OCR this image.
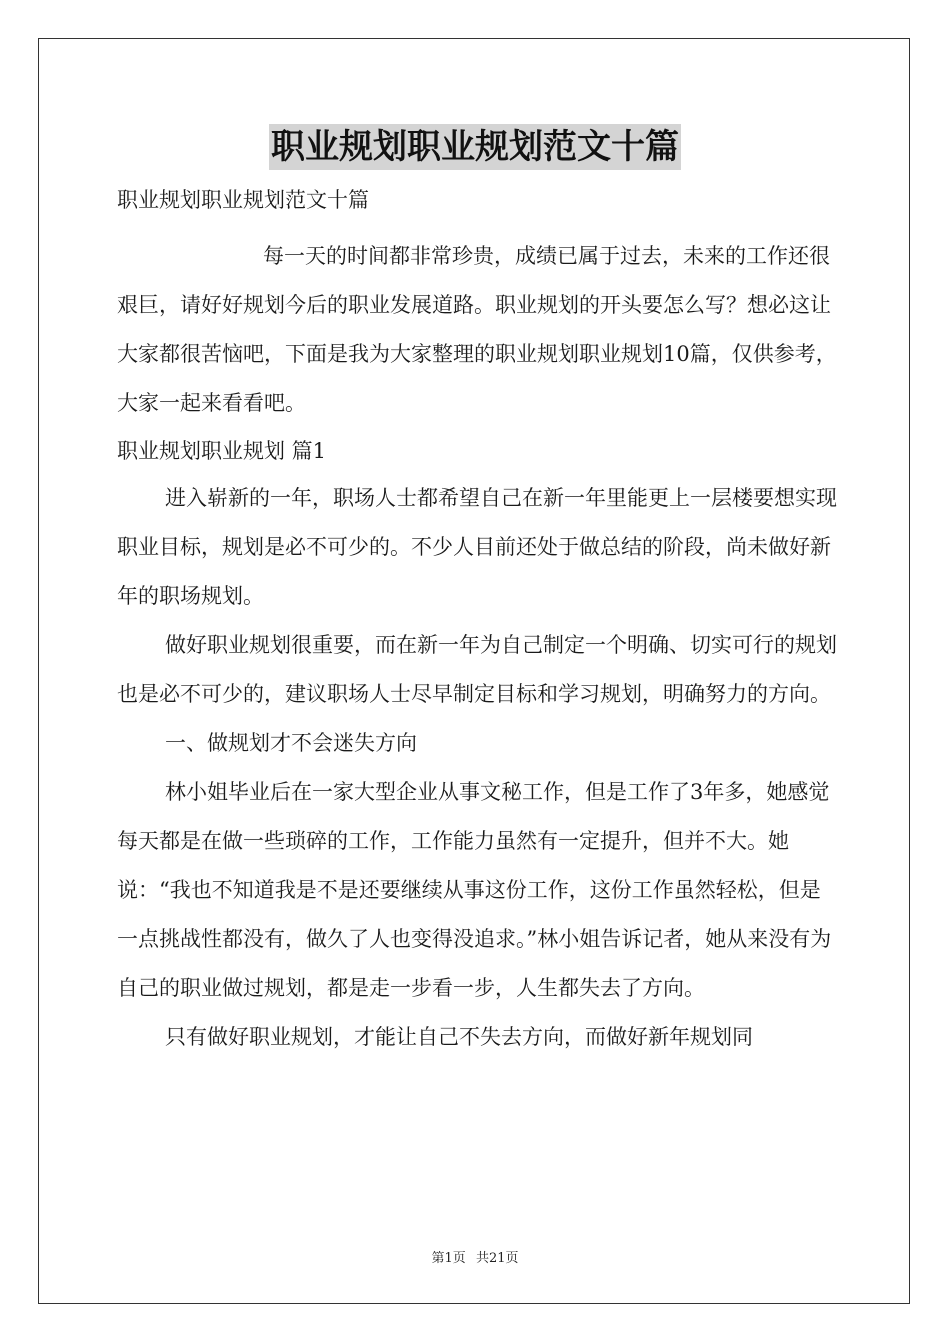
职业规划职业规划范文十篇

职业规划职业规划范文十篇

每一天的时间都非常珍贵，成绩已属于过去，未来的工作还很艰巨，请好好规划今后的职业发展道路。职业规划的开头要怎么写？想必这让大家都很苦恼吧，下面是我为大家整理的职业规划职业规划10篇，仅供参考，大家一起来看看吧。

职业规划职业规划 篇1

进入崭新的一年，职场人士都希望自己在新一年里能更上一层楼要想实现职业目标，规划是必不可少的。不少人目前还处于做总结的阶段，尚未做好新年的职场规划。

做好职业规划很重要，而在新一年为自己制定一个明确、切实可行的规划也是必不可少的，建议职场人士尽早制定目标和学习规划，明确努力的方向。

一、做规划才不会迷失方向

林小姐毕业后在一家大型企业从事文秘工作，但是工作了3年多，她感觉每天都是在做一些琐碎的工作，工作能力虽然有一定提升，但并不大。她说：“我也不知道我是不是还要继续从事这份工作，这份工作虽然轻松，但是一点挑战性都没有，做久了人也变得没追求。”林小姐告诉记者，她从来没有为自己的职业做过规划，都是走一步看一步，人生都失去了方向。

只有做好职业规划，才能让自己不失去方向，而做好新年规划同

第1页 共21页
